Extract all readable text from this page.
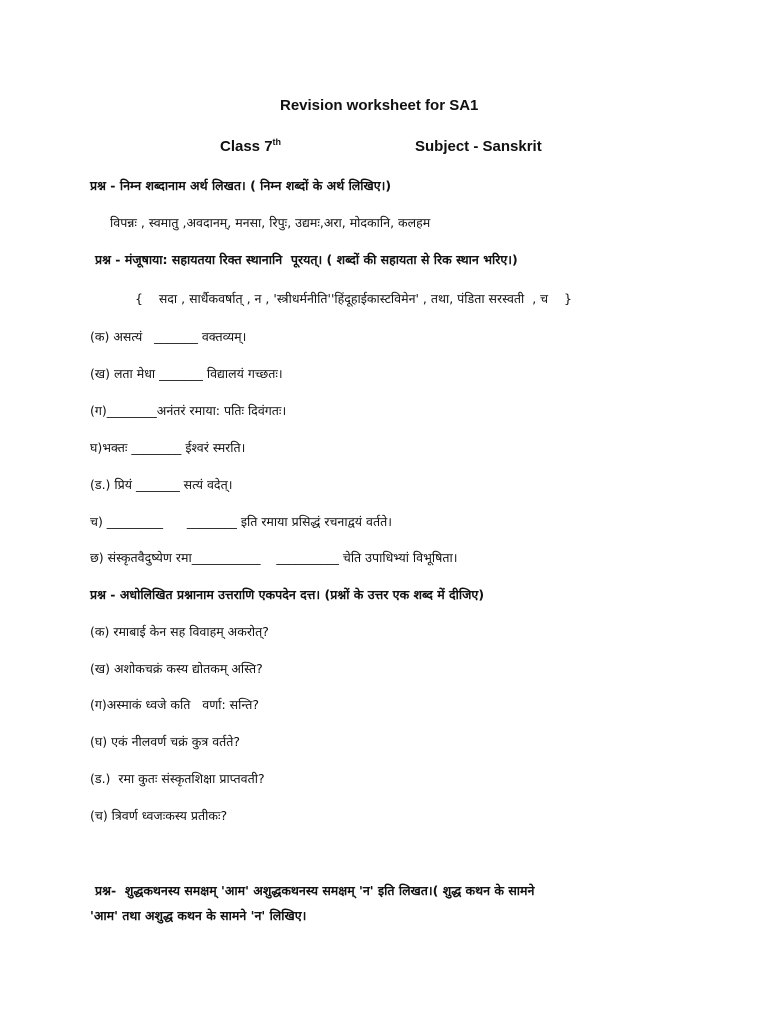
Revision worksheet for SA1
Class 7th	Subject - Sanskrit
प्रश्न - निम्न शब्दानाम अर्थ लिखत। ( निम्न शब्दों के अर्थ लिखिए।)
विपन्नः , स्वमातु ,अवदानम्, मनसा, रिपुः, उद्यमः,अरा, मोदकानि, कलहम
प्रश्न - मंजूषाया: सहायतया रिक्त स्थानानि  पूरयत्। ( शब्दों की सहायता से रिक स्थान भरिए।)
{    सदा , सार्धैकवर्षात् , न , 'स्त्रीधर्मनीति''हिंदूहाईकास्टविमेन' , तथा, पंडिता सरस्वती  , च    }
(क) असत्यं   _______ वक्तव्यम्।
(ख) लता मेधा _______ विद्यालयं गच्छतः।
(ग)________अनंतरं रमाया: पतिः दिवंगतः।
घ)भक्तः ________ ईश्वरं स्मरति।
(ड.) प्रियं _______ सत्यं वदेत्।
च) _________      ________ इति रमाया प्रसिद्धं रचनाद्वयं वर्तते।
छ) संस्कृतवैदुष्येण रमा___________    __________ चेति उपाधिभ्यां विभूषिता।
प्रश्न - अधोलिखित प्रश्नानाम उत्तराणि एकपदेन दत्त। (प्रश्नों के उत्तर एक शब्द में दीजिए)
(क) रमाबाई केन सह विवाहम् अकरोत्?
(ख) अशोकचक्रं कस्य द्योतकम् अस्ति?
(ग)अस्माकं ध्वजे कति   वर्णा: सन्ति?
(घ) एकं नीलवर्ण चक्रं कुत्र वर्तते?
(ड.)  रमा कुतः संस्कृतशिक्षा प्राप्तवती?
(च) त्रिवर्ण ध्वजःकस्य प्रतीकः?
प्रश्न-  शुद्धकथनस्य समक्षम् 'आम' अशुद्धकथनस्य समक्षम् 'न' इति लिखत।( शुद्ध कथन के सामने
'आम' तथा अशुद्ध कथन के सामने 'न' लिखिए।
